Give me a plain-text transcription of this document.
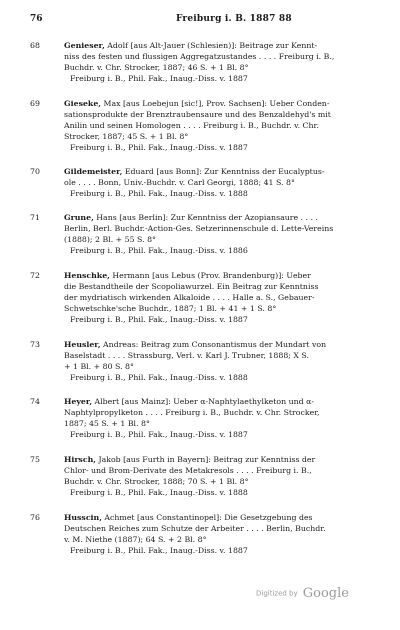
76	Freiburg i. B. 1887 88
68	Genieser, Adolf [aus Alt-Jauer (Schlesien)]: Beitrage zur Kennt-
niss des festen und flussigen Aggregatzustandes . . . . Freiburg i. B.,
Buchdr. v. Chr. Strocker, 1887; 46 S. + 1 Bl. 8°
Freiburg i. B., Phil. Fak., Inaug.-Diss. v. 1887
69	Gieseke, Max [aus Loebejun [sic!], Prov. Sachsen]: Ueber Conden-
sationsprodukte der Brenztraubensaure und des Benzaldehyd's mit
Anilin und seinen Homologen . . . . Freiburg i. B., Buchdr. v. Chr.
Strocker, 1887; 45 S. + 1 Bl. 8°
Freiburg i. B., Phil. Fak., Inaug.-Diss. v. 1887
70	Gildemeister, Eduard [aus Bonn]: Zur Kenntniss der Eucalyptus-
ole . . . . Bonn, Univ.-Buchdr. v. Carl Georgi, 1888; 41 S. 8°
Freiburg i. B., Phil. Fak., Inaug.-Diss. v. 1888
71	Grune, Hans [aus Berlin]: Zur Kenntniss der Azopiansaure . . . .
Berlin, Berl. Buchdr.-Action-Ges. Setzerinnenschule d. Lette-Vereins
(1888); 2 Bl. + 55 S. 8°
Freiburg i. B., Phil. Fak., Inaug.-Diss. v. 1886
72	Henschke, Hermann [aus Lebus (Prov. Brandenburg)]: Ueber
die Bestandtheile der Scopoliawurzel. Ein Beitrag zur Kenntniss
der mydriatisch wirkenden Alkaloide . . . . Halle a. S., Gebauer-
Schwetschke'sche Buchdr., 1887; 1 Bl. + 41 + 1 S. 8°
Freiburg i. B., Phil. Fak., Inaug.-Diss. v. 1887
73	Heusler, Andreas: Beitrag zum Consonantismus der Mundart von
Baselstadt . . . . Strassburg, Verl. v. Karl J. Trubner, 1888; X S.
+ 1 Bl. + 80 S. 8°
Freiburg i. B., Phil. Fak., Inaug.-Diss. v. 1888
74	Heyer, Albert [aus Mainz]: Ueber α-Naphtylaethylketon und α-
Naphtylpropylketon . . . . Freiburg i. B., Buchdr. v. Chr. Strocker,
1887; 45 S. + 1 Bl. 8°
Freiburg i. B., Phil. Fak., Inaug.-Diss. v. 1887
75	Hirsch, Jakob [aus Furth in Bayern]: Beitrag zur Kenntniss der
Chlor- und Brom-Derivate des Metakresols . . . . Freiburg i. B.,
Buchdr. v. Chr. Strocker, 1888; 70 S. + 1 Bl. 8°
Freiburg i. B., Phil. Fak., Inaug.-Diss. v. 1888
76	Husscin, Achmet [aus Constantinopel]: Die Gesetzgebung des
Deutschen Reiches zum Schutze der Arbeiter . . . . Berlin, Buchdr.
v. M. Niethe (1887); 64 S. + 2 Bl. 8°
Freiburg i. B., Phil. Fak., Inaug.-Diss. v. 1887
Digitized by Google
